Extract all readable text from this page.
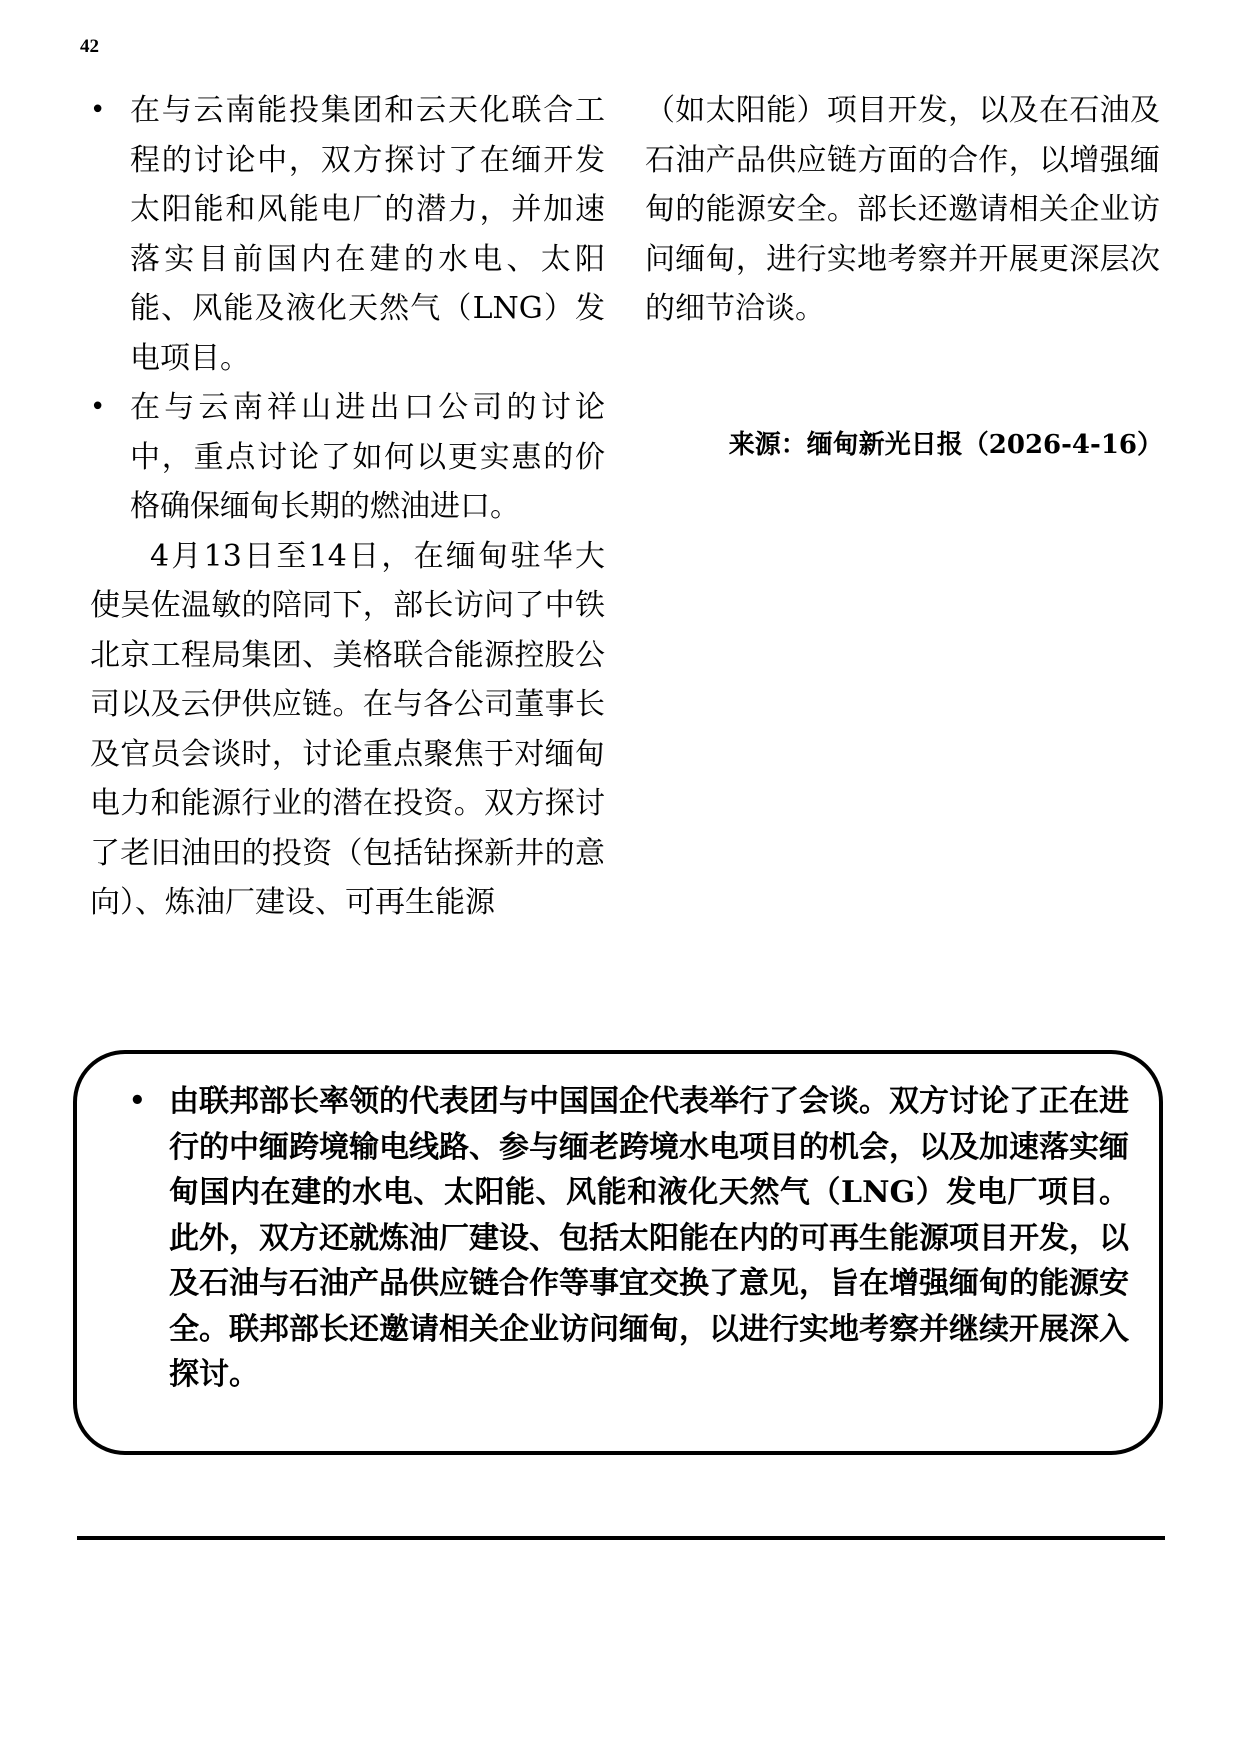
42
• 在与云南能投集团和云天化联合工程的讨论中，双方探讨了在缅开发太阳能和风能电厂的潜力，并加速落实目前国内在建的水电、太阳能、风能及液化天然气（LNG）发电项目。
• 在与云南祥山进出口公司的讨论中，重点讨论了如何以更实惠的价格确保缅甸长期的燃油进口。

4月13日至14日，在缅甸驻华大使吴佐温敏的陪同下，部长访问了中铁北京工程局集团、美格联合能源控股公司以及云伊供应链。在与各公司董事长及官员会谈时，讨论重点聚焦于对缅甸电力和能源行业的潜在投资。双方探讨了老旧油田的投资（包括钻探新井的意向）、炼油厂建设、可再生能源

（如太阳能）项目开发，以及在石油及石油产品供应链方面的合作，以增强缅甸的能源安全。部长还邀请相关企业访问缅甸，进行实地考察并开展更深层次的细节洽谈。

来源：缅甸新光日报（2026-4-16）
• 由联邦部长率领的代表团与中国国企代表举行了会谈。双方讨论了正在进行的中缅跨境输电线路、参与缅老跨境水电项目的机会，以及加速落实缅甸国内在建的水电、太阳能、风能和液化天然气（LNG）发电厂项目。此外，双方还就炼油厂建设、包括太阳能在内的可再生能源项目开发，以及石油与石油产品供应链合作等事宜交换了意见，旨在增强缅甸的能源安全。联邦部长还邀请相关企业访问缅甸，以进行实地考察并继续开展深入探讨。
